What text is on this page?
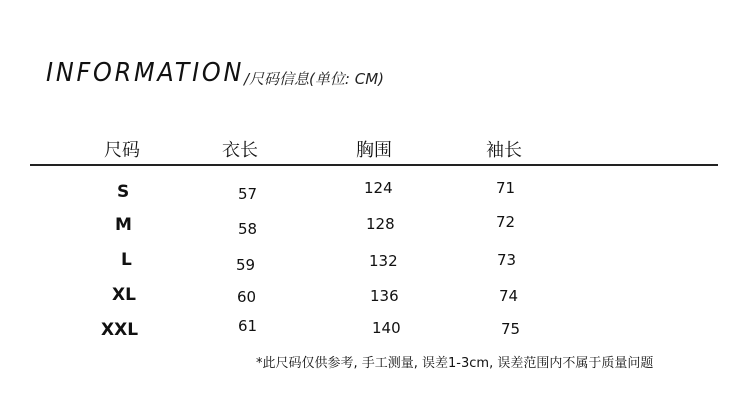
INFORMATION /尺码信息(单位: CM)
尺码	衣长	胸围	袖长
S	57	124	71
M	58	128	72
L	59	132	73
XL	60	136	74
XXL	61	140	75
*此尺码仅供参考, 手工测量, 误差1-3cm, 误差范围内不属于质量问题
